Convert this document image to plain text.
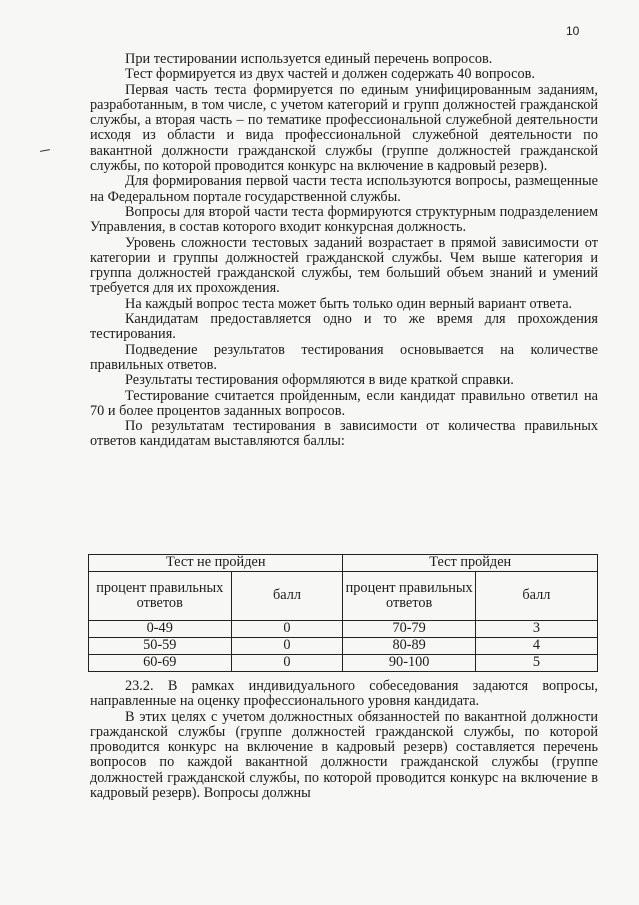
10

При тестировании используется единый перечень вопросов.

Тест формируется из двух частей и должен содержать 40 вопросов.

Первая часть теста формируется по единым унифицированным заданиям, разработанным, в том числе, с учетом категорий и групп должностей гражданской службы, а вторая часть – по тематике профессиональной служебной деятельности исходя из области и вида профессиональной служебной деятельности по вакантной должности гражданской службы (группе должностей гражданской службы, по которой проводится конкурс на включение в кадровый резерв).

Для формирования первой части теста используются вопросы, размещенные на Федеральном портале государственной службы.

Вопросы для второй части теста формируются структурным подразделением Управления, в состав которого входит конкурсная должность.

Уровень сложности тестовых заданий возрастает в прямой зависимости от категории и группы должностей гражданской службы. Чем выше категория и группа должностей гражданской службы, тем больший объем знаний и умений требуется для их прохождения.

На каждый вопрос теста может быть только один верный вариант ответа.

Кандидатам предоставляется одно и то же время для прохождения тестирования.

Подведение результатов тестирования основывается на количестве правильных ответов.

Результаты тестирования оформляются в виде краткой справки.

Тестирование считается пройденным, если кандидат правильно ответил на 70 и более процентов заданных вопросов.

По результатам тестирования в зависимости от количества правильных ответов кандидатам выставляются баллы:

Тест не пройден		Тест пройден	
процент правильных ответов	балл	процент правильных ответов	балл
0-49	0	70-79	3
50-59	0	80-89	4
60-69	0	90-100	5

23.2. В рамках индивидуального собеседования задаются вопросы, направленные на оценку профессионального уровня кандидата.

В этих целях с учетом должностных обязанностей по вакантной должности гражданской службы (группе должностей гражданской службы, по которой проводится конкурс на включение в кадровый резерв) составляется перечень вопросов по каждой вакантной должности гражданской службы (группе должностей гражданской службы, по которой проводится конкурс на включение в кадровый резерв). Вопросы должны
